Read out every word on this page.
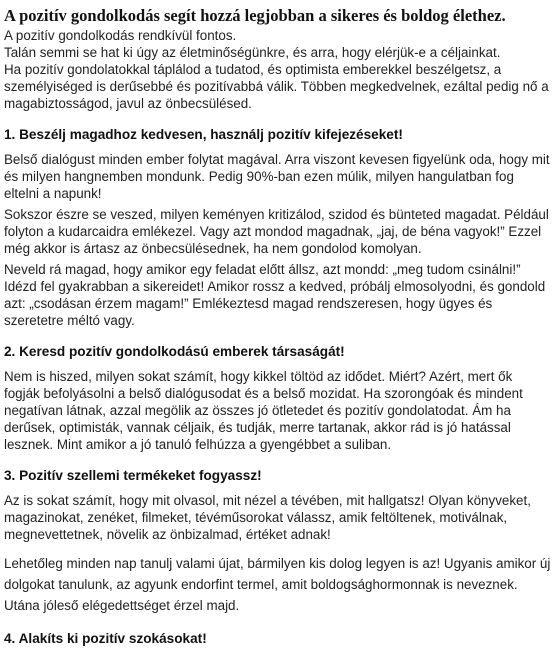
A pozitív gondolkodás segít hozzá legjobban a sikeres és boldog élethez.

A pozitív gondolkodás rendkívül fontos.

Talán semmi se hat ki úgy az életminőségünkre, és arra, hogy elérjük-e a céljainkat.

Ha pozitív gondolatokkal táplálod a tudatod, és optimista emberekkel beszélgetsz, a személyiséged is derűsebbé és pozitívabbá válik. Többen megkedvelnek, ezáltal pedig nő a magabiztosságod, javul az önbecsülésed.

1. Beszélj magadhoz kedvesen, használj pozitív kifejezéseket!

Belső dialógust minden ember folytat magával. Arra viszont kevesen figyelünk oda, hogy mit és milyen hangnemben mondunk. Pedig 90%-ban ezen múlik, milyen hangulatban fog eltelni a napunk!

Sokszor észre se veszed, milyen keményen kritizálod, szidod és bünteted magadat. Például folyton a kudarcaidra emlékezel. Vagy azt mondod magadnak, „jaj, de béna vagyok!” Ezzel még akkor is ártasz az önbecsülésednek, ha nem gondolod komolyan.

Neveld rá magad, hogy amikor egy feladat előtt állsz, azt mondd: „meg tudom csinálni!” Idézd fel gyakrabban a sikereidet! Amikor rossz a kedved, próbálj elmosolyodni, és gondold azt: „csodásan érzem magam!” Emlékeztesd magad rendszeresen, hogy ügyes és szeretetre méltó vagy.

2. Keresd pozitív gondolkodású emberek társaságát!

Nem is hiszed, milyen sokat számít, hogy kikkel töltöd az idődet. Miért? Azért, mert ők fogják befolyásolni a belső dialógusodat és a belső mozidat. Ha szorongóak és mindent negatívan látnak, azzal megölik az összes jó ötletedet és pozitív gondolatodat. Ám ha derűsek, optimisták, vannak céljaik, és tudják, merre tartanak, akkor rád is jó hatással lesznek. Mint amikor a jó tanuló felhúzza a gyengébbet a suliban.

3. Pozitív szellemi termékeket fogyassz!

Az is sokat számít, hogy mit olvasol, mit nézel a tévében, mit hallgatsz! Olyan könyveket, magazinokat, zenéket, filmeket, tévéműsorokat válassz, amik feltöltenek, motiválnak, megnevettetnek, növelik az önbizalmad, értéket adnak!

Lehetőleg minden nap tanulj valami újat, bármilyen kis dolog legyen is az! Ugyanis amikor új dolgokat tanulunk, az agyunk endorfint termel, amit boldogsághormonnak is neveznek. Utána jóleső elégedettséget érzel majd.

4. Alakíts ki pozitív szokásokat!
